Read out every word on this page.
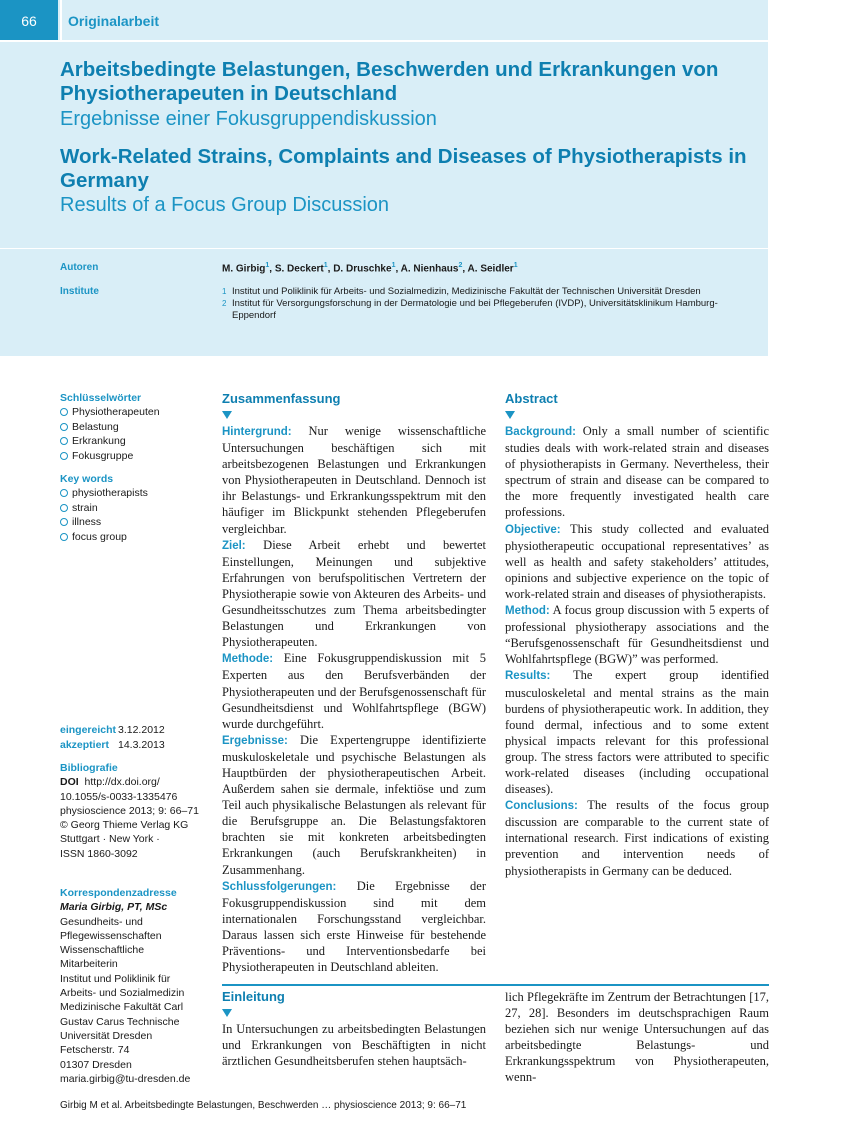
66	Originalarbeit
Arbeitsbedingte Belastungen, Beschwerden und Erkrankungen von Physiotherapeuten in Deutschland
Ergebnisse einer Fokusgruppendiskussion
Work-Related Strains, Complaints and Diseases of Physiotherapists in Germany
Results of a Focus Group Discussion
Autoren	M. Girbig$^1$, S. Deckert$^1$, D. Druschke$^1$, A. Nienhaus$^2$, A. Seidler$^1$
Institute	1 Institut und Poliklinik für Arbeits- und Sozialmedizin, Medizinische Fakultät der Technischen Universität Dresden
2 Institut für Versorgungsforschung in der Dermatologie und bei Pflegeberufen (IVDP), Universitätsklinikum Hamburg-Eppendorf
Schlüsselwörter
Physiotherapeuten
Belastung
Erkrankung
Fokusgruppe
Key words
physiotherapists
strain
illness
focus group
eingereicht 3.12.2012
akzeptiert 14.3.2013
Bibliografie
DOI http://dx.doi.org/
10.1055/s-0033-1335476
physioscience 2013; 9: 66–71
© Georg Thieme Verlag KG
Stuttgart · New York ·
ISSN 1860-3092
Korrespondenzadresse
Maria Girbig, PT, MSc
Gesundheits- und
Pflegewissenschaften
Wissenschaftliche Mitarbeiterin
Institut und Poliklinik für
Arbeits- und Sozialmedizin
Medizinische Fakultät Carl
Gustav Carus Technische
Universität Dresden
Fetscherstr. 74
01307 Dresden
maria.girbig@tu-dresden.de
Zusammenfassung

Hintergrund: Nur wenige wissenschaftliche Untersuchungen beschäftigen sich mit arbeitsbezogenen Belastungen und Erkrankungen von Physiotherapeuten in Deutschland. Dennoch ist ihr Belastungs- und Erkrankungsspektrum mit den häufiger im Blickpunkt stehenden Pflegeberufen vergleichbar.

Ziel: Diese Arbeit erhebt und bewertet Einstellungen, Meinungen und subjektive Erfahrungen von berufspolitischen Vertretern der Physiotherapie sowie von Akteuren des Arbeits- und Gesundheitsschutzes zum Thema arbeitsbedingter Belastungen und Erkrankungen von Physiotherapeuten.

Methode: Eine Fokusgruppendiskussion mit 5 Experten aus den Berufsverbänden der Physiotherapeuten und der Berufsgenossenschaft für Gesundheitsdienst und Wohlfahrtspflege (BGW) wurde durchgeführt.

Ergebnisse: Die Expertengruppe identifizierte muskuloskeletale und psychische Belastungen als Hauptbürden der physiotherapeutischen Arbeit. Außerdem sahen sie dermale, infektiöse und zum Teil auch physikalische Belastungen als relevant für die Berufsgruppe an. Die Belastungsfaktoren brachten sie mit konkreten arbeitsbedingten Erkrankungen (auch Berufskrankheiten) in Zusammenhang.

Schlussfolgerungen: Die Ergebnisse der Fokusgruppendiskussion sind mit dem internationalen Forschungsstand vergleichbar. Daraus lassen sich erste Hinweise für bestehende Präventions- und Interventionsbedarfe bei Physiotherapeuten in Deutschland ableiten.

Abstract

Background: Only a small number of scientific studies deals with work-related strain and diseases of physiotherapists in Germany. Nevertheless, their spectrum of strain and disease can be compared to the more frequently investigated health care professions.

Objective: This study collected and evaluated physiotherapeutic occupational representatives’ as well as health and safety stakeholders’ attitudes, opinions and subjective experience on the topic of work-related strain and diseases of physiotherapists.

Method: A focus group discussion with 5 experts of professional physiotherapy associations and the “Berufsgenossenschaft für Gesundheitsdienst und Wohlfahrtspflege (BGW)” was performed.

Results: The expert group identified musculoskeletal and mental strains as the main burdens of physiotherapeutic work. In addition, they found dermal, infectious and to some extent physical impacts relevant for this professional group. The stress factors were attributed to specific work-related diseases (including occupational diseases).

Conclusions: The results of the focus group discussion are comparable to the current state of international research. First indications of existing prevention and intervention needs of physiotherapists in Germany can be deduced.

Einleitung
In Untersuchungen zu arbeitsbedingten Belastungen und Erkrankungen von Beschäftigten in nicht ärztlichen Gesundheitsberufen stehen hauptsäch-
lich Pflegekräfte im Zentrum der Betrachtungen [17, 27, 28]. Besonders im deutschsprachigen Raum beziehen sich nur wenige Untersuchungen auf das arbeitsbedingte Belastungs- und Erkrankungsspektrum von Physiotherapeuten, wenn-
Girbig M et al. Arbeitsbedingte Belastungen, Beschwerden … physioscience 2013; 9: 66–71
